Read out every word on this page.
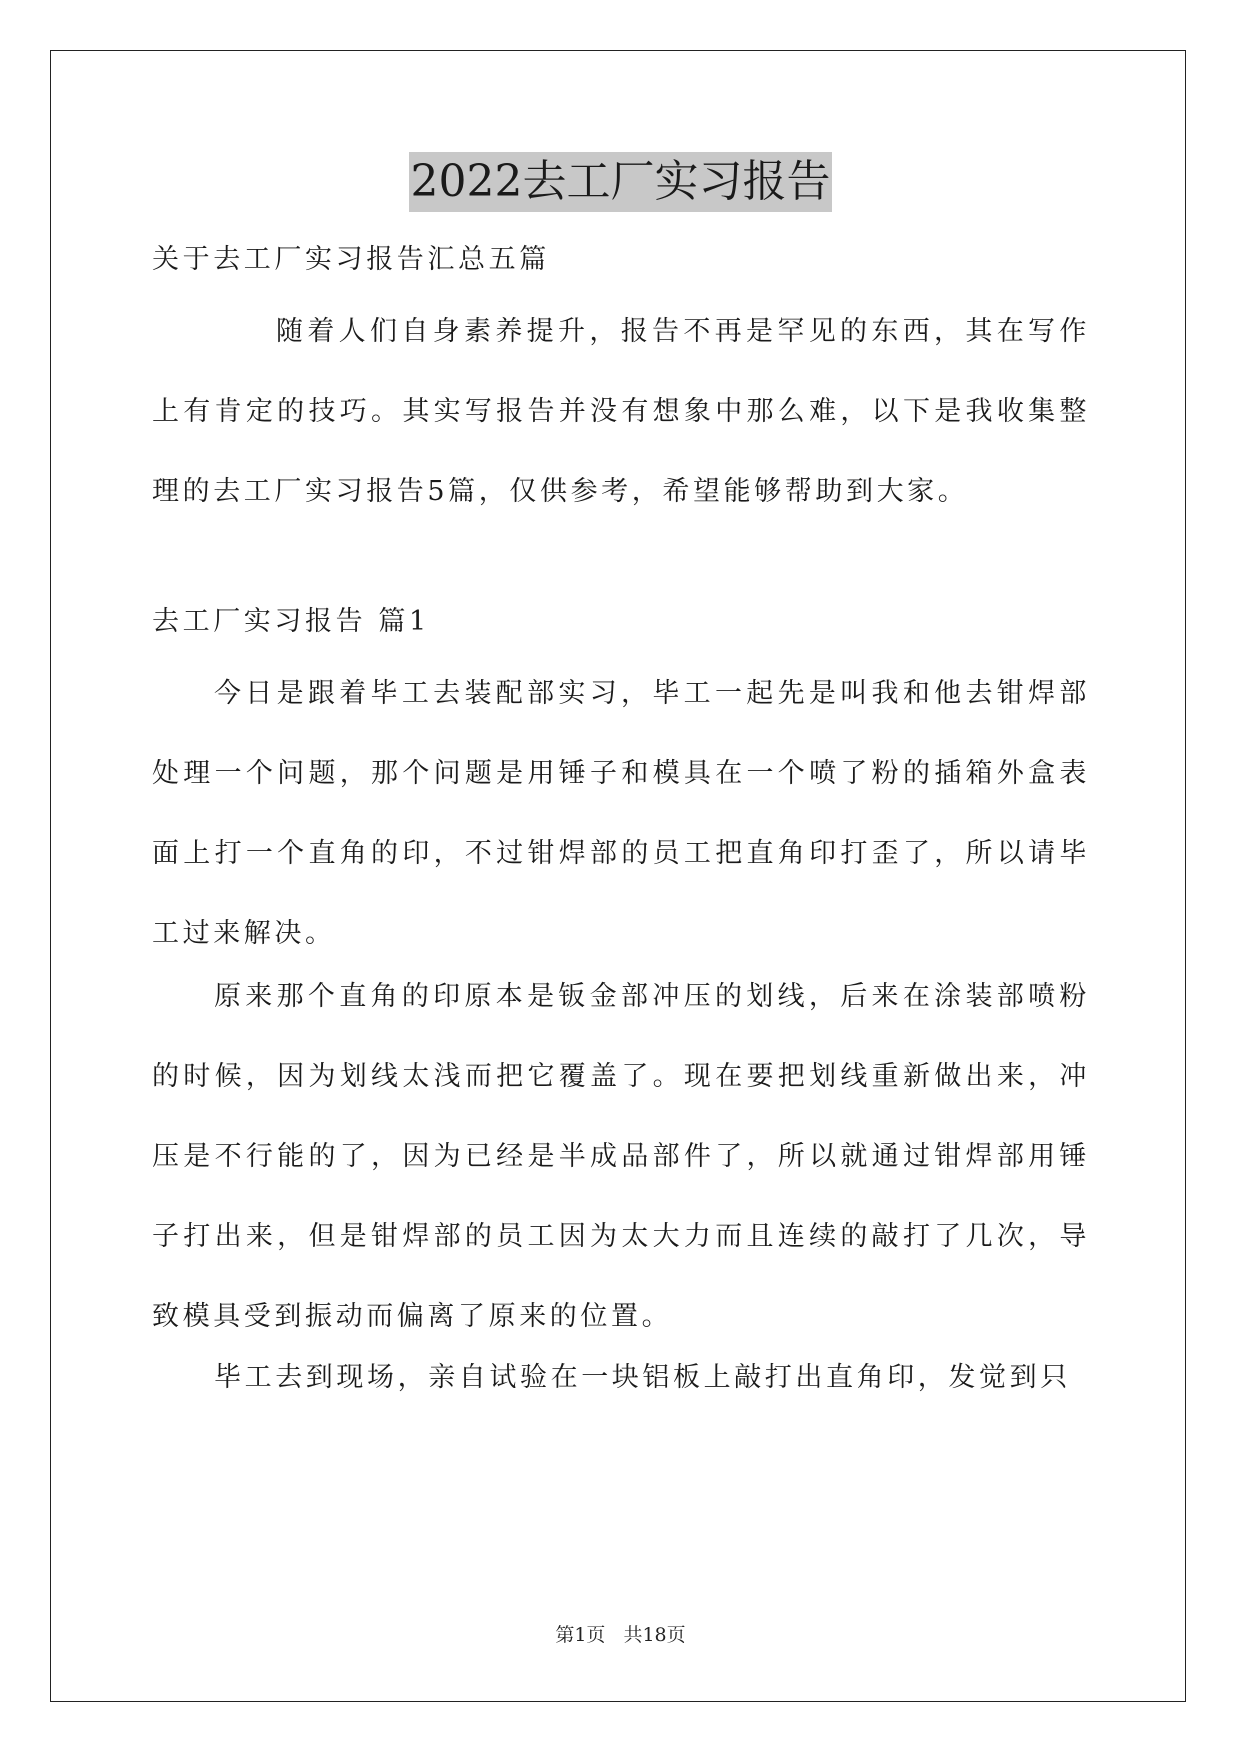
2022去工厂实习报告

关于去工厂实习报告汇总五篇

随着人们自身素养提升，报告不再是罕见的东西，其在写作上有肯定的技巧。其实写报告并没有想象中那么难，以下是我收集整理的去工厂实习报告5篇，仅供参考，希望能够帮助到大家。

去工厂实习报告 篇1

今日是跟着毕工去装配部实习，毕工一起先是叫我和他去钳焊部处理一个问题，那个问题是用锤子和模具在一个喷了粉的插箱外盒表面上打一个直角的印，不过钳焊部的员工把直角印打歪了，所以请毕工过来解决。

原来那个直角的印原本是钣金部冲压的划线，后来在涂装部喷粉的时候，因为划线太浅而把它覆盖了。现在要把划线重新做出来，冲压是不行能的了，因为已经是半成品部件了，所以就通过钳焊部用锤子打出来，但是钳焊部的员工因为太大力而且连续的敲打了几次，导致模具受到振动而偏离了原来的位置。

毕工去到现场，亲自试验在一块铝板上敲打出直角印，发觉到只

第1页 共18页
